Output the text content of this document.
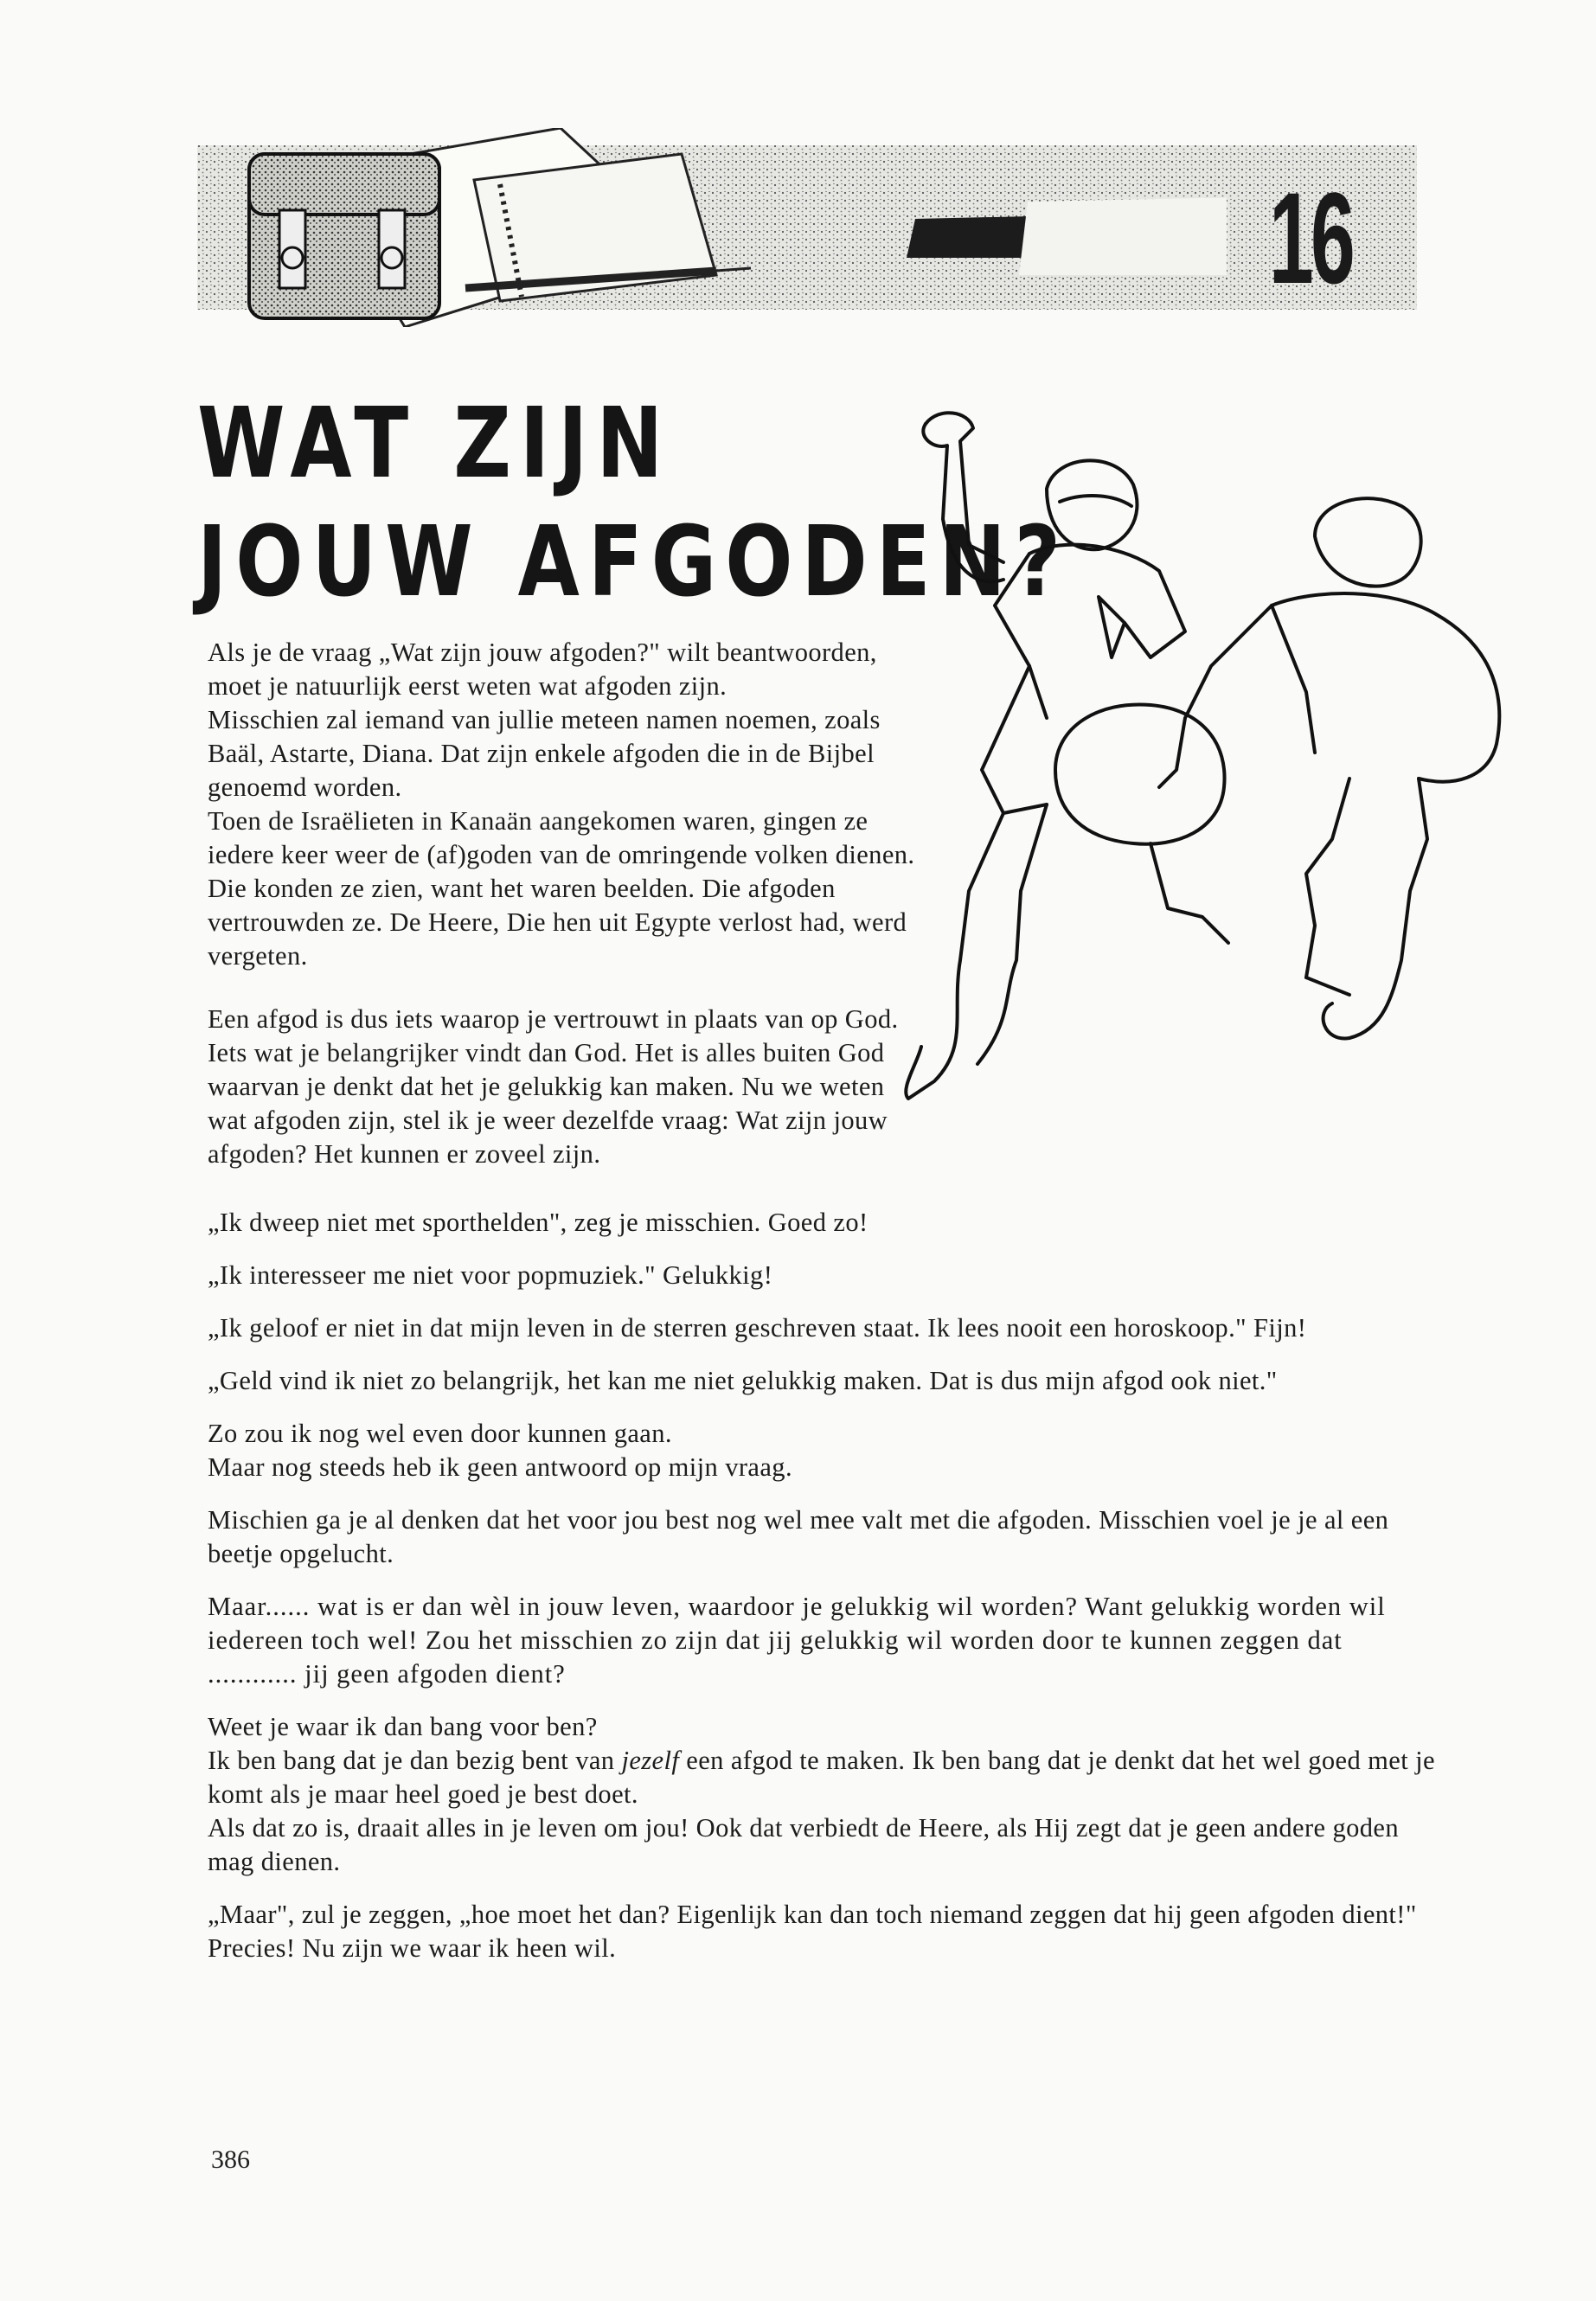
16
WAT ZIJN
JOUW AFGODEN?

Als je de vraag „Wat zijn jouw afgoden?" wilt beantwoorden, moet je natuurlijk eerst weten wat afgoden zijn.

Misschien zal iemand van jullie meteen namen noemen, zoals Baäl, Astarte, Diana. Dat zijn enkele afgoden die in de Bijbel genoemd worden.

Toen de Israëlieten in Kanaän aangekomen waren, gingen ze iedere keer weer de (af)goden van de omringende volken dienen. Die konden ze zien, want het waren beelden. Die afgoden vertrouwden ze. De Heere, Die hen uit Egypte verlost had, werd vergeten.

Een afgod is dus iets waarop je vertrouwt in plaats van op God. Iets wat je belangrijker vindt dan God. Het is alles buiten God waarvan je denkt dat het je gelukkig kan maken. Nu we weten wat afgoden zijn, stel ik je weer dezelfde vraag: Wat zijn jouw afgoden? Het kunnen er zoveel zijn.

„Ik dweep niet met sporthelden", zeg je misschien. Goed zo!

„Ik interesseer me niet voor popmuziek." Gelukkig!

„Ik geloof er niet in dat mijn leven in de sterren geschreven staat. Ik lees nooit een horoskoop." Fijn!

„Geld vind ik niet zo belangrijk, het kan me niet gelukkig maken. Dat is dus mijn afgod ook niet."

Zo zou ik nog wel even door kunnen gaan.

Maar nog steeds heb ik geen antwoord op mijn vraag.

Mischien ga je al denken dat het voor jou best nog wel mee valt met die afgoden. Misschien voel je je al een beetje opgelucht.

Maar...... wat is er dan wèl in jouw leven, waardoor je gelukkig wil worden? Want gelukkig worden wil iedereen toch wel! Zou het misschien zo zijn dat jij gelukkig wil worden door te kunnen zeggen dat ............ jij geen afgoden dient?

Weet je waar ik dan bang voor ben?

Ik ben bang dat je dan bezig bent van jezelf een afgod te maken. Ik ben bang dat je denkt dat het wel goed met je komt als je maar heel goed je best doet.

Als dat zo is, draait alles in je leven om jou! Ook dat verbiedt de Heere, als Hij zegt dat je geen andere goden mag dienen.

„Maar", zul je zeggen, „hoe moet het dan? Eigenlijk kan dan toch niemand zeggen dat hij geen afgoden dient!"

Precies! Nu zijn we waar ik heen wil.

386
